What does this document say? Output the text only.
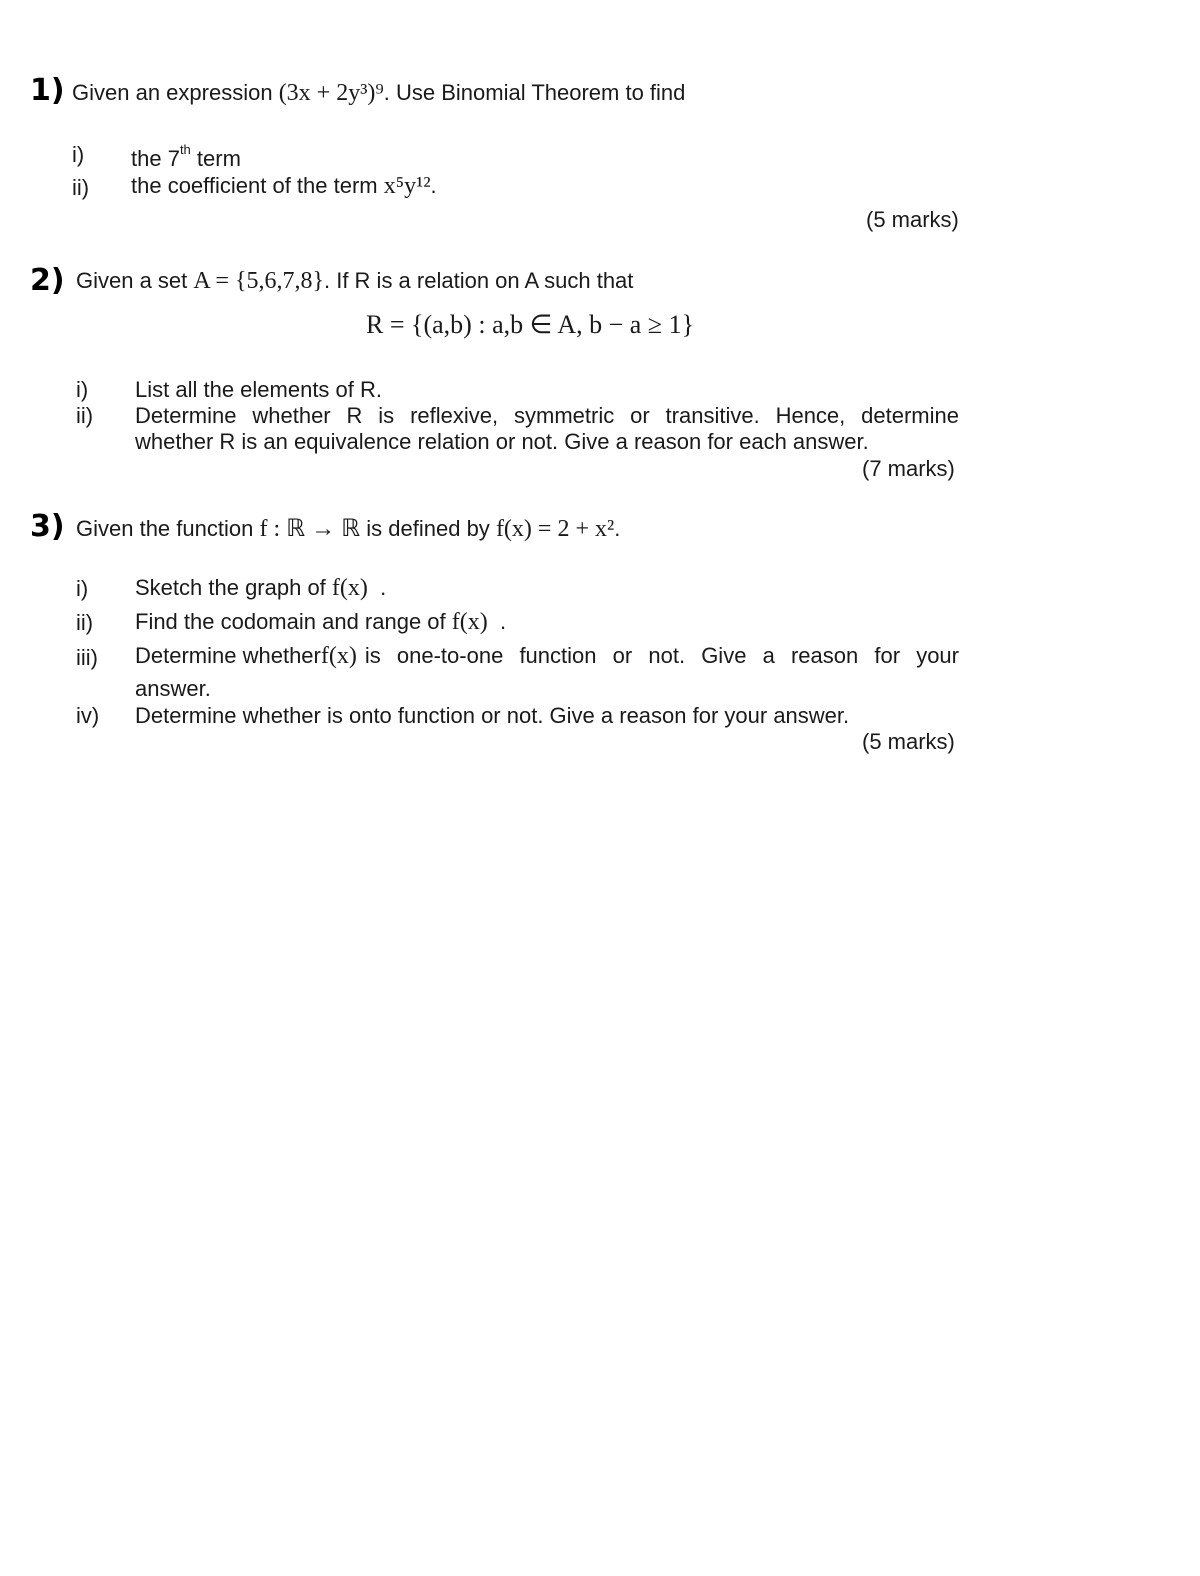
1) Given an expression (3x + 2y³)⁹. Use Binomial Theorem to find
i) the 7th term
ii) the coefficient of the term x⁵y¹².
(5 marks)
2) Given a set A = {5,6,7,8}. If R is a relation on A such that
R = {(a,b) : a,b ∈ A, b − a ≥ 1}
i) List all the elements of R.
ii) Determine whether R is reflexive, symmetric or transitive. Hence, determine
whether R is an equivalence relation or not. Give a reason for each answer.
(7 marks)
3) Given the function f : ℝ → ℝ is defined by f(x) = 2 + x².
i) Sketch the graph of f(x) .
ii) Find the codomain and range of f(x) .
iii) Determine whether f(x) is one-to-one function or not. Give a reason for your
answer.
iv) Determine whether is onto function or not. Give a reason for your answer.
(5 marks)
